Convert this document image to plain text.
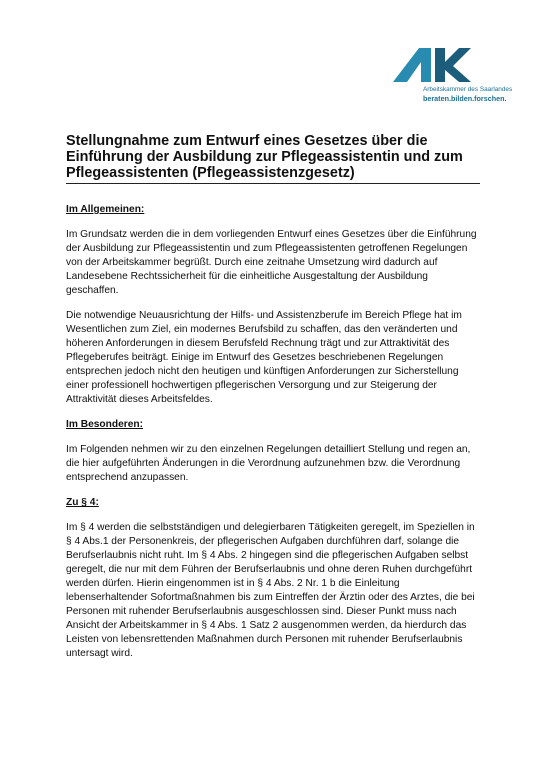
Arbeitskammer des Saarlandes
beraten.bilden.forschen.
Stellungnahme zum Entwurf eines Gesetzes über die Einführung der Ausbildung zur Pflegeassistentin und zum Pflegeassistenten (Pflegeassistenzgesetz)

Im Allgemeinen:

Im Grundsatz werden die in dem vorliegenden Entwurf eines Gesetzes über die Einführung der Ausbildung zur Pflegeassistentin und zum Pflegeassistenten getroffenen Regelungen von der Arbeitskammer begrüßt. Durch eine zeitnahe Umsetzung wird dadurch auf Landesebene Rechtssicherheit für die einheitliche Ausgestaltung der Ausbildung geschaffen.

Die notwendige Neuausrichtung der Hilfs- und Assistenzberufe im Bereich Pflege hat im Wesentlichen zum Ziel, ein modernes Berufsbild zu schaffen, das den veränderten und höheren Anforderungen in diesem Berufsfeld Rechnung trägt und zur Attraktivität des Pflegeberufes beiträgt. Einige im Entwurf des Gesetzes beschriebenen Regelungen entsprechen jedoch nicht den heutigen und künftigen Anforderungen zur Sicherstellung einer professionell hochwertigen pflegerischen Versorgung und zur Steigerung der Attraktivität dieses Arbeitsfeldes.

Im Besonderen:

Im Folgenden nehmen wir zu den einzelnen Regelungen detailliert Stellung und regen an, die hier aufgeführten Änderungen in die Verordnung aufzunehmen bzw. die Verordnung entsprechend anzupassen.

Zu § 4:

Im § 4 werden die selbstständigen und delegierbaren Tätigkeiten geregelt, im Speziellen in § 4 Abs.1 der Personenkreis, der pflegerischen Aufgaben durchführen darf, solange die Berufserlaubnis nicht ruht. Im § 4 Abs. 2 hingegen sind die pflegerischen Aufgaben selbst geregelt, die nur mit dem Führen der Berufserlaubnis und ohne deren Ruhen durchgeführt werden dürfen. Hierin eingenommen ist in § 4 Abs. 2 Nr. 1 b die Einleitung lebenserhaltender Sofortmaßnahmen bis zum Eintreffen der Ärztin oder des Arztes, die bei Personen mit ruhender Berufserlaubnis ausgeschlossen sind. Dieser Punkt muss nach Ansicht der Arbeitskammer in § 4 Abs. 1 Satz 2 ausgenommen werden, da hierdurch das Leisten von lebensrettenden Maßnahmen durch Personen mit ruhender Berufserlaubnis untersagt wird.
